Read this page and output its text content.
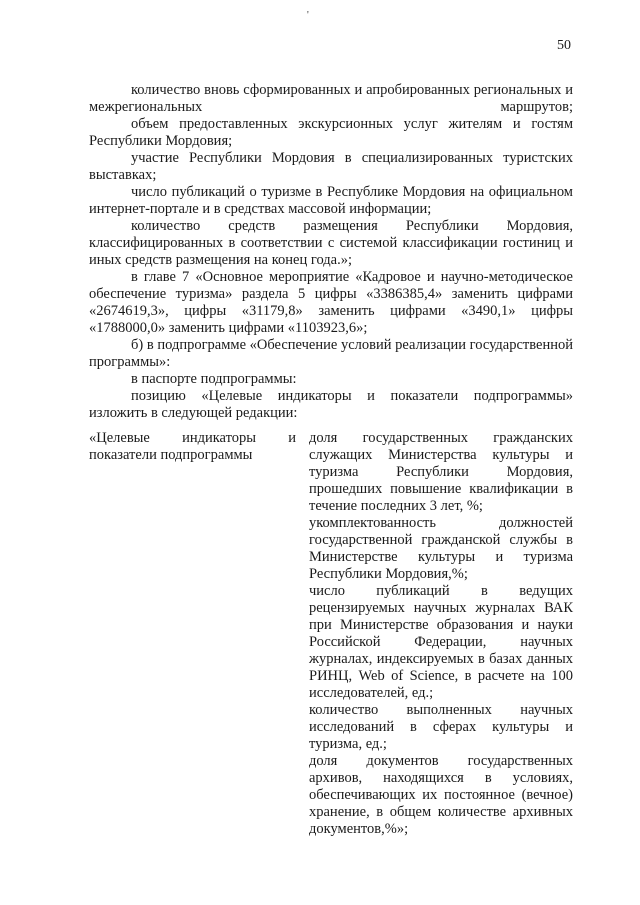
'
50

количество вновь сформированных и апробированных региональных и межрегиональных маршрутов;

объем предоставленных экскурсионных услуг жителям и гостям Республики Мордовия;

участие Республики Мордовия в специализированных туристских выставках;

число публикаций о туризме в Республике Мордовия на официальном интернет-портале и в средствах массовой информации;

количество средств размещения Республики Мордовия, классифицированных в соответствии с системой классификации гостиниц и иных средств размещения на конец года.»;

в главе 7 «Основное мероприятие «Кадровое и научно-методическое обеспечение туризма» раздела 5 цифры «3386385,4» заменить цифрами «2674619,3», цифры «31179,8» заменить цифрами «3490,1» цифры «1788000,0» заменить цифрами «1103923,6»;

б) в подпрограмме «Обеспечение условий реализации государственной программы»:

в паспорте подпрограммы:

позицию «Целевые индикаторы и показатели подпрограммы» изложить в следующей редакции:

«Целевые индикаторы и показатели подпрограммы

доля государственных гражданских служащих Министерства культуры и туризма Республики Мордовия, прошедших повышение квалификации в течение последних 3 лет, %;

укомплектованность должностей государственной гражданской службы в Министерстве культуры и туризма Республики Мордовия,%;

число публикаций в ведущих рецензируемых научных журналах ВАК при Министерстве образования и науки Российской Федерации, научных журналах, индексируемых в базах данных РИНЦ, Web of Science, в расчете на 100 исследователей, ед.;

количество выполненных научных исследований в сферах культуры и туризма, ед.;

доля документов государственных архивов, находящихся в условиях, обеспечивающих их постоянное (вечное) хранение, в общем количестве архивных документов,%»;
